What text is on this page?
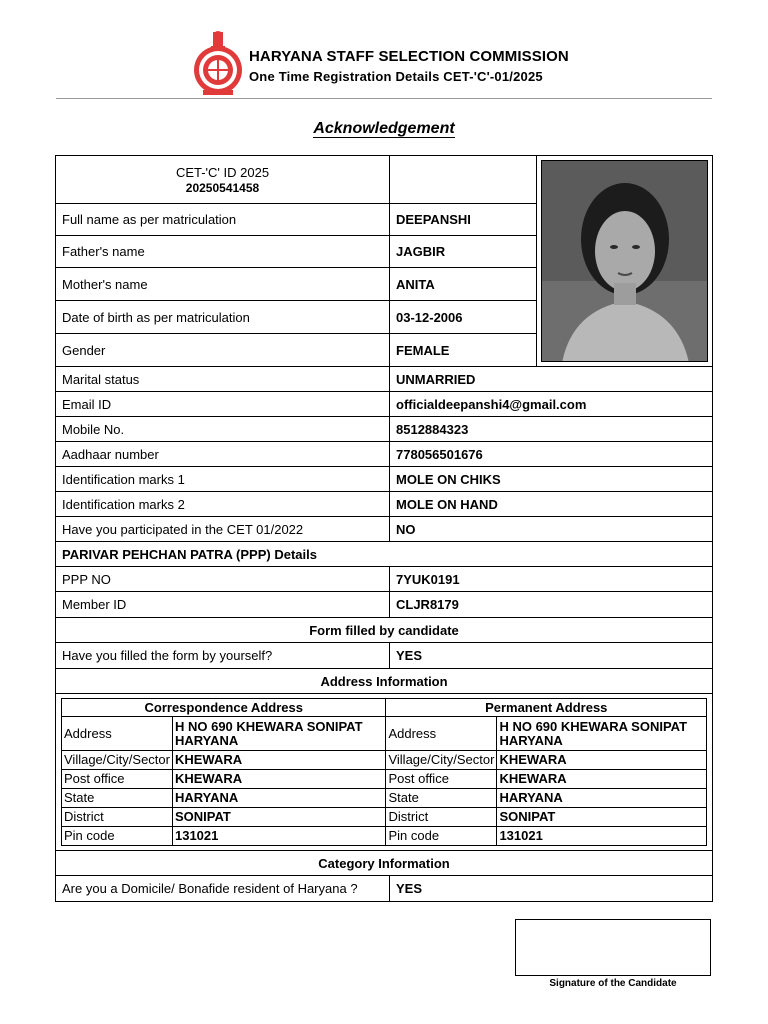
HARYANA STAFF SELECTION COMMISSION
One Time Registration Details CET-'C'-01/2025
Acknowledgement
CET-'C' ID 2025
20250541458
Full name as per matriculation	DEEPANSHI
Father's name	JAGBIR
Mother's name	ANITA
Date of birth as per matriculation	03-12-2006
Gender	FEMALE
Marital status	UNMARRIED
Email ID	officialdeepanshi4@gmail.com
Mobile No.	8512884323
Aadhaar number	778056501676
Identification marks 1	MOLE ON CHIKS
Identification marks 2	MOLE ON HAND
Have you participated in the CET 01/2022	NO
PARIVAR PEHCHAN PATRA (PPP) Details
PPP NO	7YUK0191
Member ID	CLJR8179
Form filled by candidate
Have you filled the form by yourself?	YES
Address Information
Category Information
Are you a Domicile/ Bonafide resident of Haryana ?	YES
Correspondence Address		Permanent Address	
Address	H NO 690 KHEWARA SONIPAT HARYANA	Address	H NO 690 KHEWARA SONIPAT HARYANA
Village/City/Sector	KHEWARA	Village/City/Sector	KHEWARA
Post office	KHEWARA	Post office	KHEWARA
State	HARYANA	State	HARYANA
District	SONIPAT	District	SONIPAT
Pin code	131021	Pin code	131021
Signature of the Candidate
